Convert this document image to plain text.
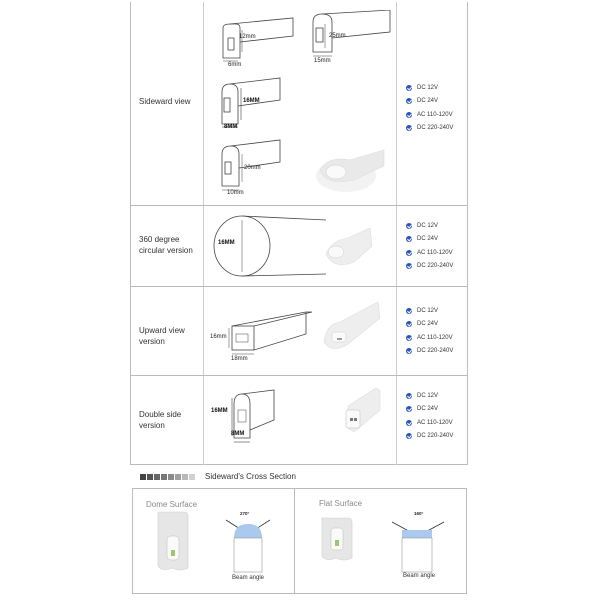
Sideward view
12mm
6mm
25mm
15mm
16MM
8MM
20mm
10mm
DC 12V
DC 24V
AC 110-120V
DC 220-240V
360 degree
circular version
16MM
DC 12V
DC 24V
AC 110-120V
DC 220-240V
Upward view
version	16mm
18mm
DC 12V
DC 24V
AC 110-120V
DC 220-240V
Double side
version
16MM
8MM
DC 12V
DC 24V
AC 110-120V
DC 220-240V
Sideward's Cross Section
Dome Surface
270°
Beam angle
Flat Surface
160°
Beam angle
